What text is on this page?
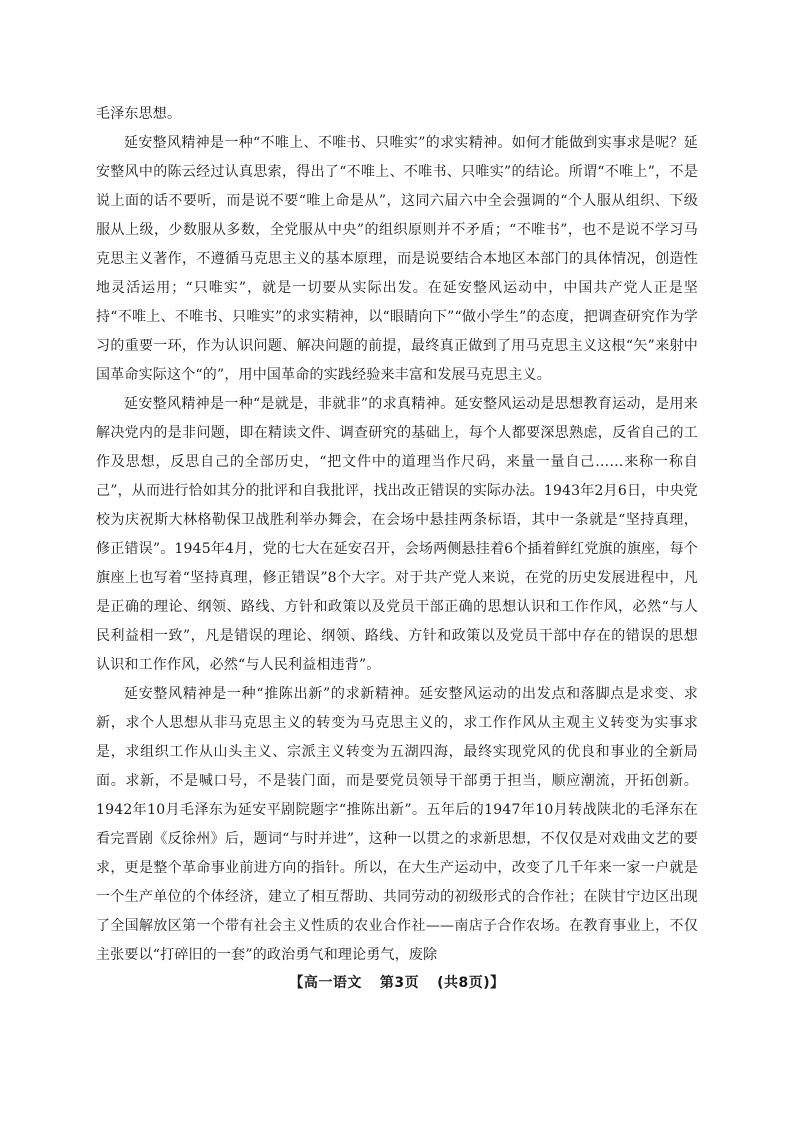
毛泽东思想。

延安整风精神是一种“不唯上、不唯书、只唯实”的求实精神。如何才能做到实事求是呢？延安整风中的陈云经过认真思索，得出了“不唯上、不唯书、只唯实”的结论。所谓“不唯上”，不是说上面的话不要听，而是说不要“唯上命是从”，这同六届六中全会强调的“个人服从组织、下级服从上级，少数服从多数，全党服从中央”的组织原则并不矛盾；“不唯书”，也不是说不学习马克思主义著作，不遵循马克思主义的基本原理，而是说要结合本地区本部门的具体情况，创造性地灵活运用；“只唯实”，就是一切要从实际出发。在延安整风运动中，中国共产党人正是坚持“不唯上、不唯书、只唯实”的求实精神，以“眼睛向下”“做小学生”的态度，把调查研究作为学习的重要一环，作为认识问题、解决问题的前提，最终真正做到了用马克思主义这根“矢”来射中国革命实际这个“的”，用中国革命的实践经验来丰富和发展马克思主义。

延安整风精神是一种“是就是，非就非”的求真精神。延安整风运动是思想教育运动，是用来解决党内的是非问题，即在精读文件、调查研究的基础上，每个人都要深思熟虑，反省自己的工作及思想，反思自己的全部历史，“把文件中的道理当作尺码，来量一量自己……来称一称自己”，从而进行恰如其分的批评和自我批评，找出改正错误的实际办法。1943年2月6日，中央党校为庆祝斯大林格勒保卫战胜利举办舞会，在会场中悬挂两条标语，其中一条就是“坚持真理，修正错误”。1945年4月，党的七大在延安召开，会场两侧悬挂着6个插着鲜红党旗的旗座，每个旗座上也写着“坚持真理，修正错误”8个大字。对于共产党人来说，在党的历史发展进程中，凡是正确的理论、纲领、路线、方针和政策以及党员干部正确的思想认识和工作作风，必然“与人民利益相一致”，凡是错误的理论、纲领、路线、方针和政策以及党员干部中存在的错误的思想认识和工作作风，必然“与人民利益相违背”。

延安整风精神是一种“推陈出新”的求新精神。延安整风运动的出发点和落脚点是求变、求新，求个人思想从非马克思主义的转变为马克思主义的，求工作作风从主观主义转变为实事求是，求组织工作从山头主义、宗派主义转变为五湖四海，最终实现党风的优良和事业的全新局面。求新，不是喊口号，不是装门面，而是要党员领导干部勇于担当，顺应潮流，开拓创新。1942年10月毛泽东为延安平剧院题字“推陈出新”。五年后的1947年10月转战陕北的毛泽东在看完晋剧《反徐州》后，题词“与时并进”，这种一以贯之的求新思想，不仅仅是对戏曲文艺的要求，更是整个革命事业前进方向的指针。所以，在大生产运动中，改变了几千年来一家一户就是一个生产单位的个体经济，建立了相互帮助、共同劳动的初级形式的合作社；在陕甘宁边区出现了全国解放区第一个带有社会主义性质的农业合作社——南店子合作农场。在教育事业上，不仅主张要以“打碎旧的一套”的政治勇气和理论勇气，废除

【高一语文 第3页 (共8页)】
